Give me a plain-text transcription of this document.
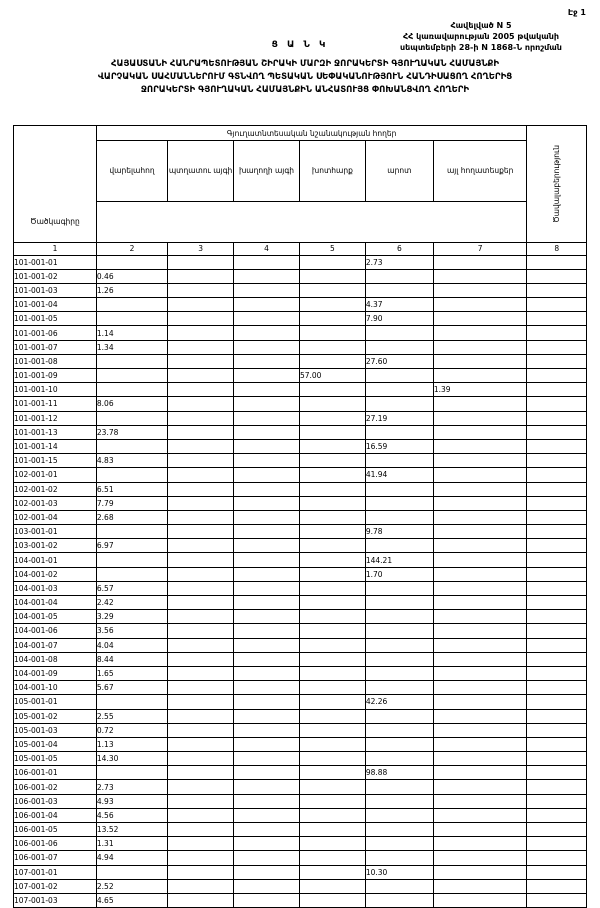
Էջ 1
Հավելված N 5
ՀՀ կառավարության 2005 թվականի
սեպտեմբերի 28-ի N 1868-Ն որոշման
Ց Ա Ն Կ
ՀԱՅԱՍՏԱՆԻ ՀԱՆՐԱՊԵՏՈՒԹՅԱՆ ՇԻՐԱԿԻ ՄԱՐԶԻ ՋՈՐԱԿԵՐՏԻ ԳՅՈՒՂԱԿԱՆ ՀԱՄԱՅՆՔԻ
ՎԱՐՉԱԿԱՆ ՍԱՀՄԱՆՆԵՐՈՒՄ ԳՏՆՎՈՂ ՊԵՏԱԿԱՆ ՍԵՓԱԿԱՆՈՒԹՅՈՒՆ ՀԱՆԴԻՍԱՑՈՂ ՀՈՂԵՐԻՑ
ՋՈՐԱԿԵՐՏԻ ԳՅՈՒՂԱԿԱՆ ՀԱՄԱՅՆՔԻՆ ԱՆՀԱՏՈՒՅՑ ՓՈԽԱՆՑՎՈՂ ՀՈՂԵՐԻ
	Գյուղատնտեսական նշանակության հողեր						Ծավալաբերություն

	վարելահող	պտղատու այգի	խաղողի այգի	խոտհարք	արոտ	այլ հողատեսքեր	
Ծածկագիրը							
1	2	3	4	5	6	7	8
101-001-01					2.73		
101-001-02	0.46						
101-001-03	1.26						
101-001-04					4.37		
101-001-05					7.90		
101-001-06	1.14						
101-001-07	1.34						
101-001-08					27.60		
101-001-09				57.00			
101-001-10						1.39	
101-001-11	8.06						
101-001-12					27.19		
101-001-13	23.78						
101-001-14					16.59		
101-001-15	4.83						
102-001-01					41.94		
102-001-02	6.51						
102-001-03	7.79						
102-001-04	2.68						
103-001-01					9.78		
103-001-02	6.97						
104-001-01					144.21		
104-001-02					1.70		
104-001-03	6.57						
104-001-04	2.42						
104-001-05	3.29						
104-001-06	3.56						
104-001-07	4.04						
104-001-08	8.44						
104-001-09	1.65						
104-001-10	5.67						
105-001-01					42.26		
105-001-02	2.55						
105-001-03	0.72						
105-001-04	1.13						
105-001-05	14.30						
106-001-01					98.88		
106-001-02	2.73						
106-001-03	4.93						
106-001-04	4.56						
106-001-05	13.52						
106-001-06	1.31						
106-001-07	4.94						
107-001-01					10.30		
107-001-02	2.52						
107-001-03	4.65						
